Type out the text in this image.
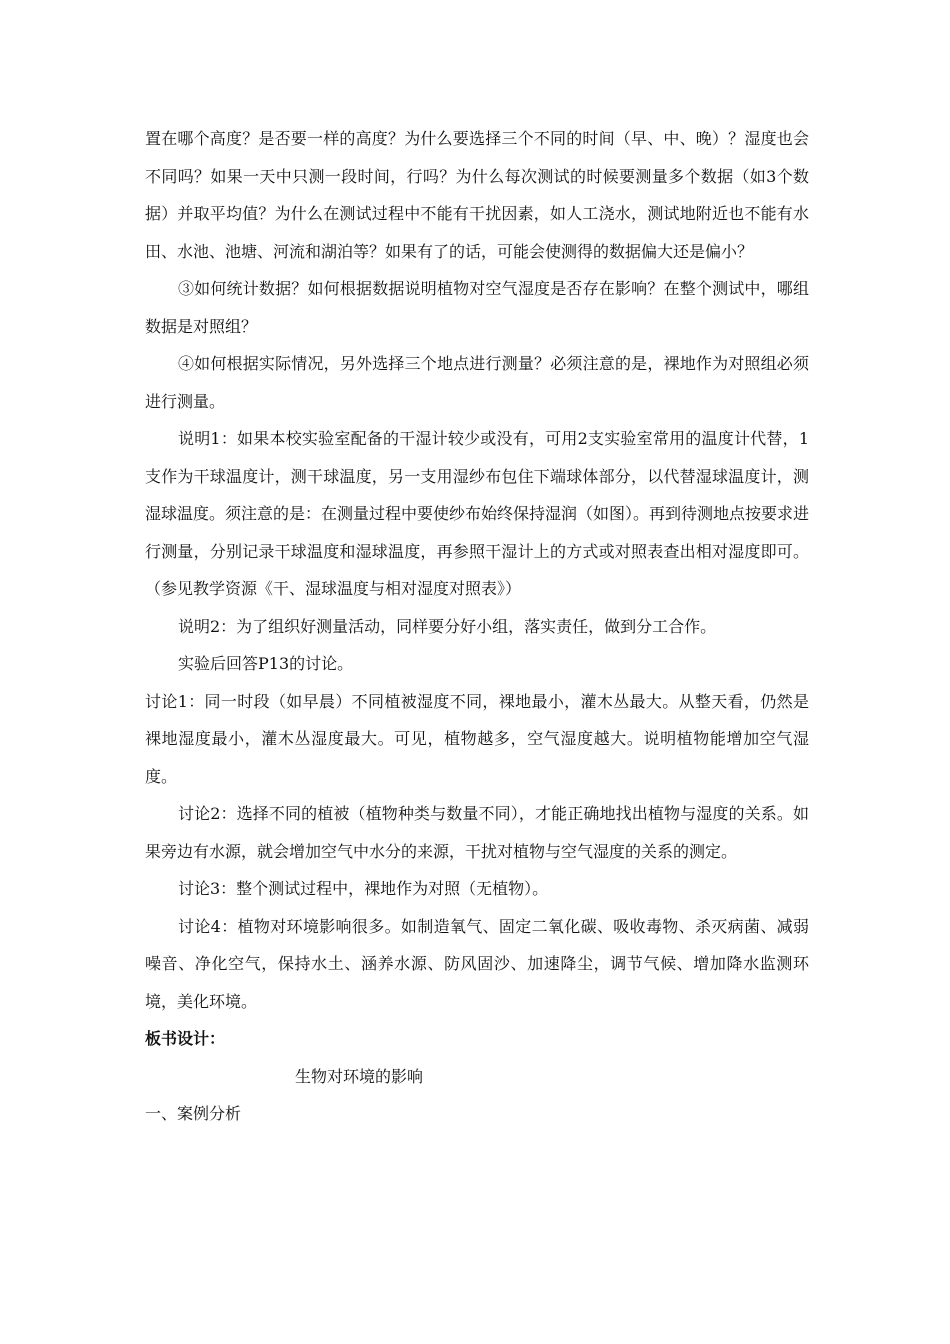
置在哪个高度？是否要一样的高度？为什么要选择三个不同的时间（早、中、晚）？湿度也会不同吗？如果一天中只测一段时间，行吗？为什么每次测试的时候要测量多个数据（如3个数据）并取平均值？为什么在测试过程中不能有干扰因素，如人工浇水，测试地附近也不能有水田、水池、池塘、河流和湖泊等？如果有了的话，可能会使测得的数据偏大还是偏小？

③如何统计数据？如何根据数据说明植物对空气湿度是否存在影响？在整个测试中，哪组数据是对照组？

④如何根据实际情况，另外选择三个地点进行测量？必须注意的是，裸地作为对照组必须进行测量。

说明1：如果本校实验室配备的干湿计较少或没有，可用2支实验室常用的温度计代替，1支作为干球温度计，测干球温度，另一支用湿纱布包住下端球体部分，以代替湿球温度计，测湿球温度。须注意的是：在测量过程中要使纱布始终保持湿润（如图）。再到待测地点按要求进行测量，分别记录干球温度和湿球温度，再参照干湿计上的方式或对照表查出相对湿度即可。（参见教学资源《干、湿球温度与相对湿度对照表》）

说明2：为了组织好测量活动，同样要分好小组，落实责任，做到分工合作。

实验后回答P13的讨论。

讨论1：同一时段（如早晨）不同植被湿度不同，裸地最小，灌木丛最大。从整天看，仍然是裸地湿度最小，灌木丛湿度最大。可见，植物越多，空气湿度越大。说明植物能增加空气湿度。

讨论2：选择不同的植被（植物种类与数量不同），才能正确地找出植物与湿度的关系。如果旁边有水源，就会增加空气中水分的来源，干扰对植物与空气湿度的关系的测定。

讨论3：整个测试过程中，裸地作为对照（无植物）。

讨论4：植物对环境影响很多。如制造氧气、固定二氧化碳、吸收毒物、杀灭病菌、减弱噪音、净化空气，保持水土、涵养水源、防风固沙、加速降尘，调节气候、增加降水监测环境，美化环境。

板书设计：

生物对环境的影响

一、案例分析
